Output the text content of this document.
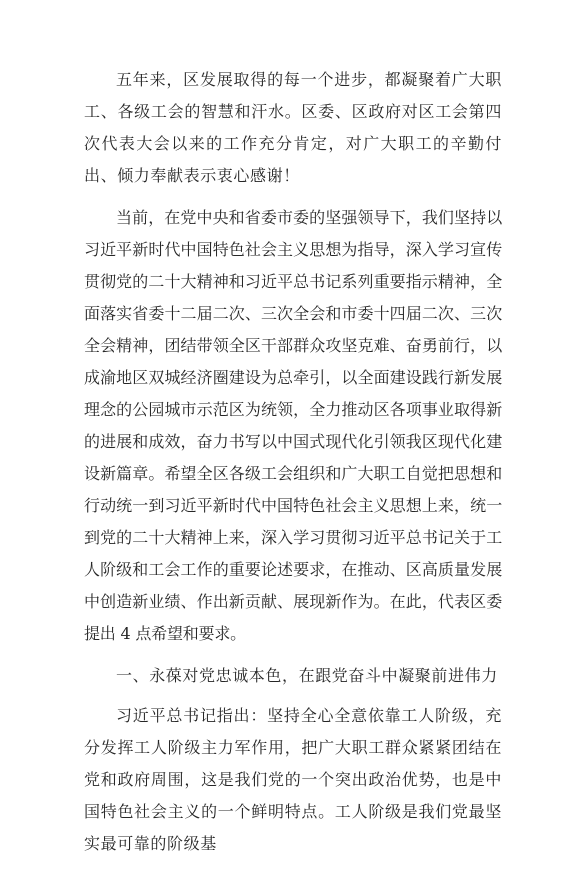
五年来，区发展取得的每一个进步，都凝聚着广大职工、各级工会的智慧和汗水。区委、区政府对区工会第四次代表大会以来的工作充分肯定，对广大职工的辛勤付出、倾力奉献表示衷心感谢！

当前，在党中央和省委市委的坚强领导下，我们坚持以习近平新时代中国特色社会主义思想为指导，深入学习宣传贯彻党的二十大精神和习近平总书记系列重要指示精神，全面落实省委十二届二次、三次全会和市委十四届二次、三次全会精神，团结带领全区干部群众攻坚克难、奋勇前行，以成渝地区双城经济圈建设为总牵引，以全面建设践行新发展理念的公园城市示范区为统领，全力推动区各项事业取得新的进展和成效，奋力书写以中国式现代化引领我区现代化建设新篇章。希望全区各级工会组织和广大职工自觉把思想和行动统一到习近平新时代中国特色社会主义思想上来，统一到党的二十大精神上来，深入学习贯彻习近平总书记关于工人阶级和工会工作的重要论述要求，在推动、区高质量发展中创造新业绩、作出新贡献、展现新作为。在此，代表区委提出 4 点希望和要求。

一、永葆对党忠诚本色，在跟党奋斗中凝聚前进伟力

习近平总书记指出：坚持全心全意依靠工人阶级，充分发挥工人阶级主力军作用，把广大职工群众紧紧团结在党和政府周围，这是我们党的一个突出政治优势，也是中国特色社会主义的一个鲜明特点。工人阶级是我们党最坚实最可靠的阶级基
